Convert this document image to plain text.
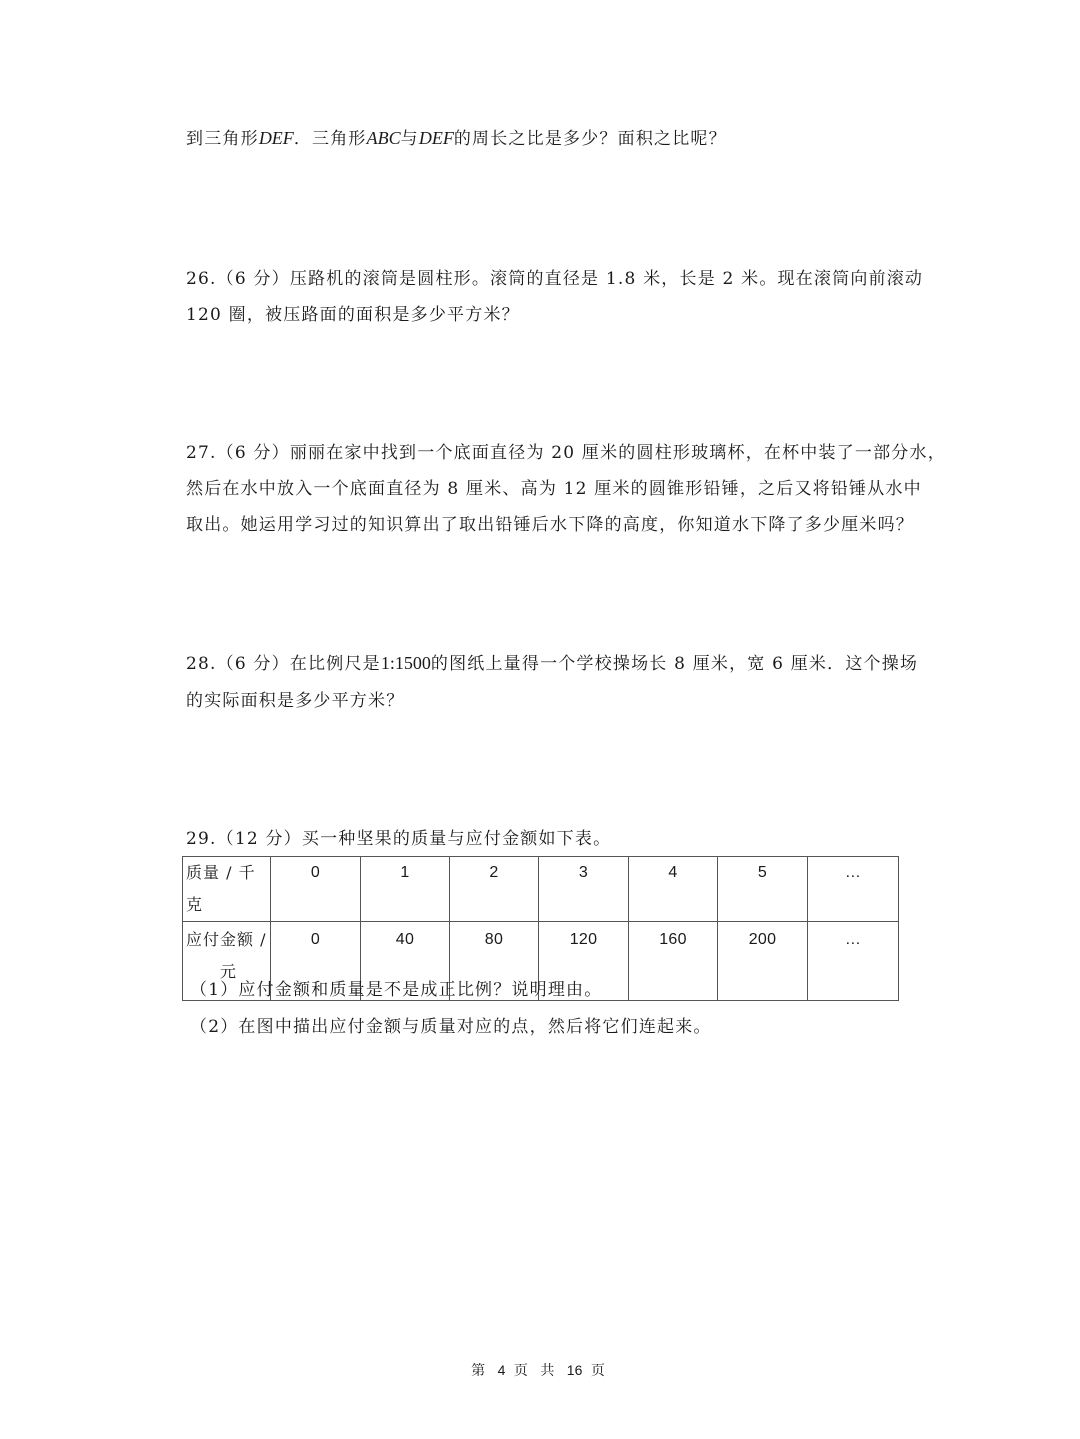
到三角形DEF．三角形ABC与DEF的周长之比是多少？面积之比呢？
26.（6 分）压路机的滚筒是圆柱形。滚筒的直径是 1.8 米，长是 2 米。现在滚筒向前滚动
120 圈，被压路面的面积是多少平方米？
27.（6 分）丽丽在家中找到一个底面直径为 20 厘米的圆柱形玻璃杯，在杯中装了一部分水，
然后在水中放入一个底面直径为 8 厘米、高为 12 厘米的圆锥形铅锤，之后又将铅锤从水中
取出。她运用学习过的知识算出了取出铅锤后水下降的高度，你知道水下降了多少厘米吗？
28.（6 分）在比例尺是1:1500的图纸上量得一个学校操场长 8 厘米，宽 6 厘米．这个操场
的实际面积是多少平方米？
29.（12 分）买一种坚果的质量与应付金额如下表。
质量 / 千克	0	1	2	3	4	5	…

应付金额 /
元	0	40	80	120	160	200	…
（1）应付金额和质量是不是成正比例？说明理由。
（2）在图中描出应付金额与质量对应的点，然后将它们连起来。
第 4 页 共 16 页
